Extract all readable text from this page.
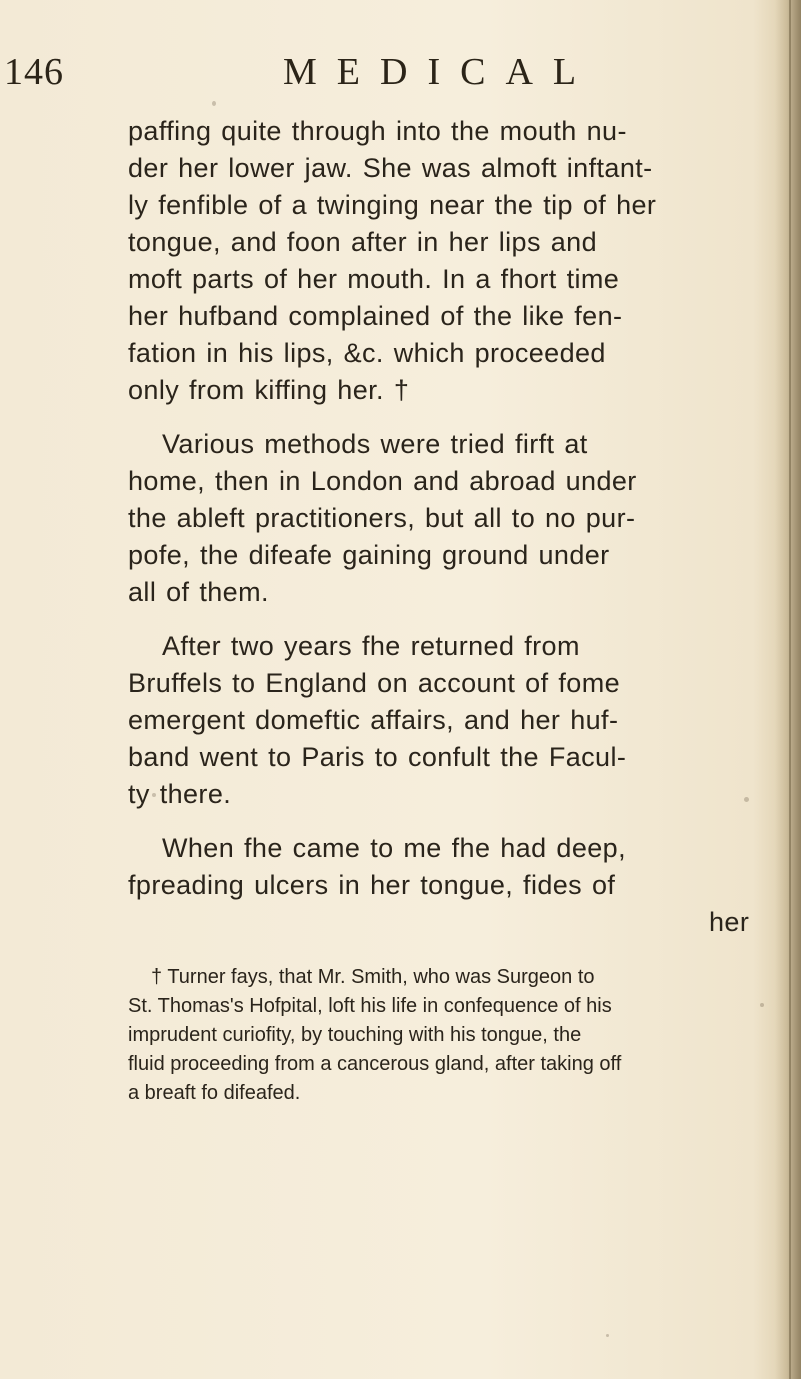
146	MEDICAL
paffing quite through into the mouth nu-
der her lower jaw. She was almoft inftant-
ly fenfible of a twinging near the tip of her
tongue, and foon after in her lips and
moft parts of her mouth. In a fhort time
her hufband complained of the like fen-
fation in his lips, &c. which proceeded
only from kiffing her. †
Various methods were tried firft at
home, then in London and abroad under
the ableft practitioners, but all to no pur-
pofe, the difeafe gaining ground under
all of them.
After two years fhe returned from
Bruffels to England on account of fome
emergent domeftic affairs, and her huf-
band went to Paris to confult the Facul-
ty there.
When fhe came to me fhe had deep,
fpreading ulcers in her tongue, fides of
her
† Turner fays, that Mr. Smith, who was Surgeon to
St. Thomas's Hofpital, loft his life in confequence of his
imprudent curiofity, by touching with his tongue, the
fluid proceeding from a cancerous gland, after taking off
a breaft fo difeafed.
